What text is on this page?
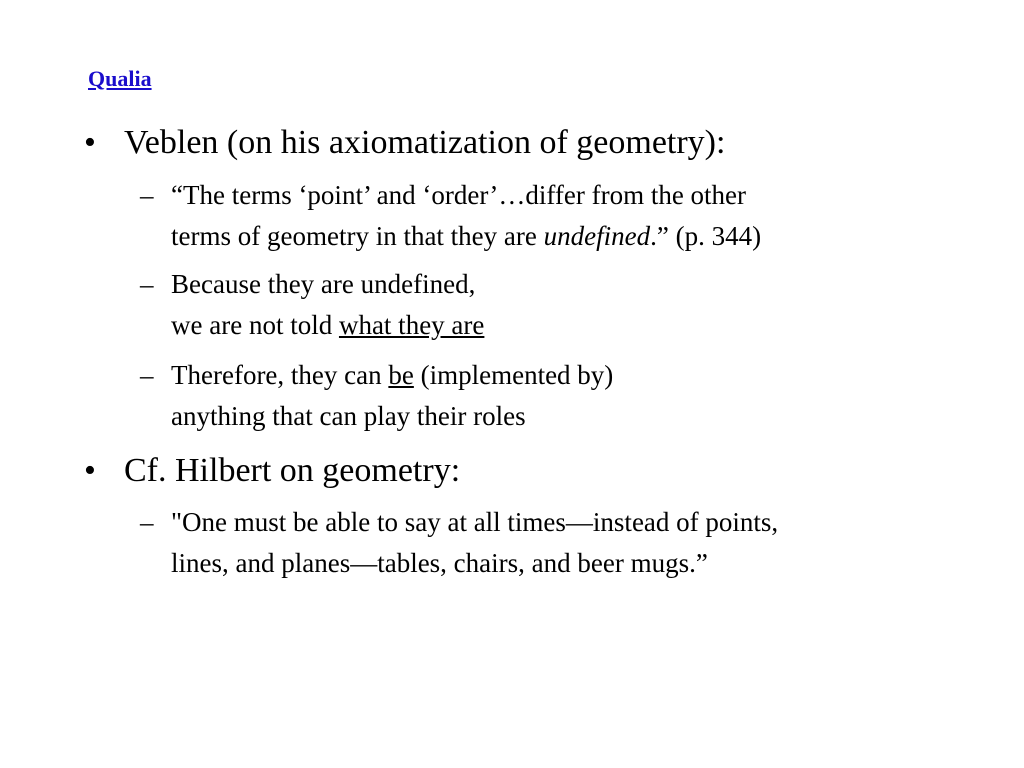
Qualia
• Veblen (on his axiomatization of geometry):
– “The terms ‘point’ and ‘order’…differ from the other
terms of geometry in that they are undefined.” (p. 344)
– Because they are undefined,
we are not told what they are
– Therefore, they can be (implemented by)
anything that can play their roles
• Cf. Hilbert on geometry:
– "One must be able to say at all times—instead of points,
lines, and planes—tables, chairs, and beer mugs.”
